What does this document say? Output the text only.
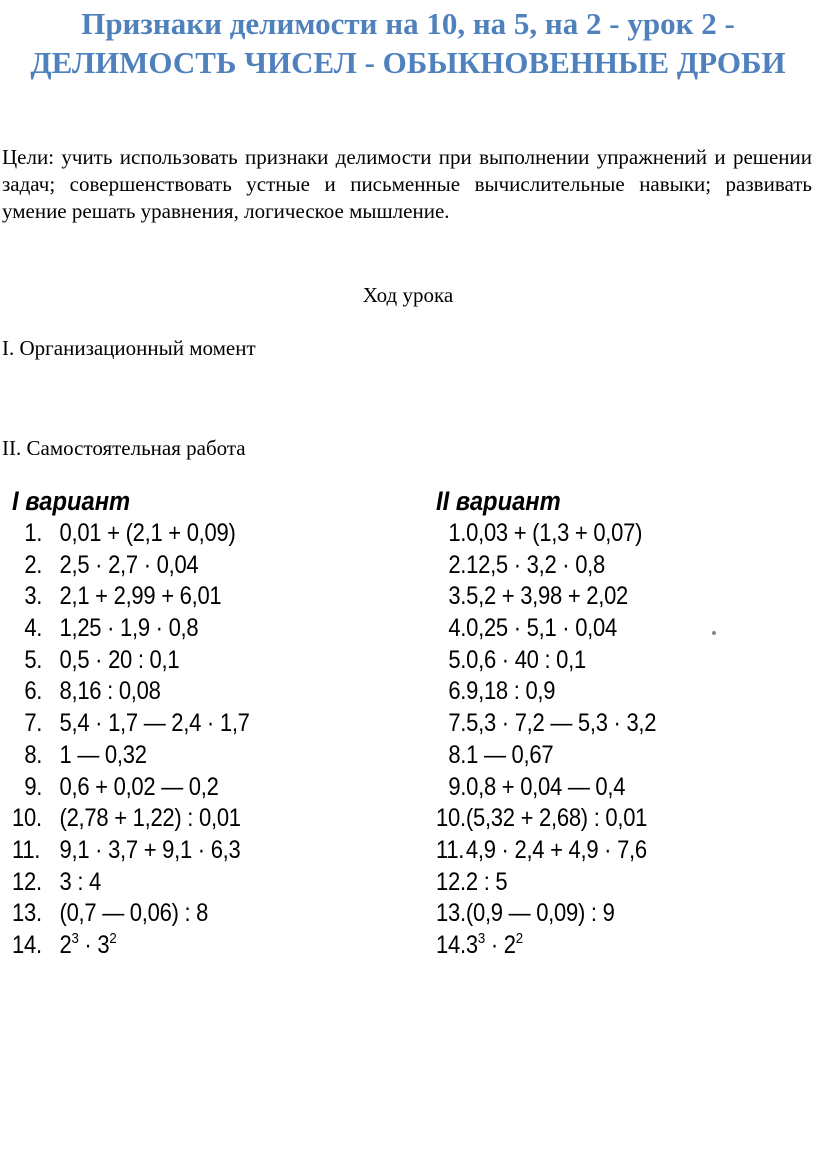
Признаки делимости на 10, на 5, на 2 - урок 2 - ДЕЛИМОСТЬ ЧИСЕЛ - ОБЫКНОВЕННЫЕ ДРОБИ

Цели: учить использовать признаки делимости при выполнении упражнений и решении задач; совершенствовать устные и письменные вычислительные навыки; развивать умение решать уравнения, логическое мышление.

Ход урока
I. Организационный момент
II. Самостоятельная работа
I вариант
1. 0,01 + (2,1 + 0,09)
2. 2,5 · 2,7 · 0,04
3. 2,1 + 2,99 + 6,01
4. 1,25 · 1,9 · 0,8
5. 0,5 · 20 : 0,1
6. 8,16 : 0,08
7. 5,4 · 1,7 — 2,4 · 1,7
8. 1 — 0,32
9. 0,6 + 0,02 — 0,2
10. (2,78 + 1,22) : 0,01
11. 9,1 · 3,7 + 9,1 · 6,3
12. 3 : 4
13. (0,7 — 0,06) : 8
14. $2^3 \cdot 3^2$
II вариант
1.0,03 + (1,3 + 0,07)
2.12,5 · 3,2 · 0,8
3.5,2 + 3,98 + 2,02
4.0,25 · 5,1 · 0,04
5.0,6 · 40 : 0,1
6.9,18 : 0,9
7.5,3 · 7,2 — 5,3 · 3,2
8.1 — 0,67
9.0,8 + 0,04 — 0,4
10.(5,32 + 2,68) : 0,01
11.4,9 · 2,4 + 4,9 · 7,6
12.2 : 5
13.(0,9 — 0,09) : 9
$14.3^3 \cdot 2^2$
